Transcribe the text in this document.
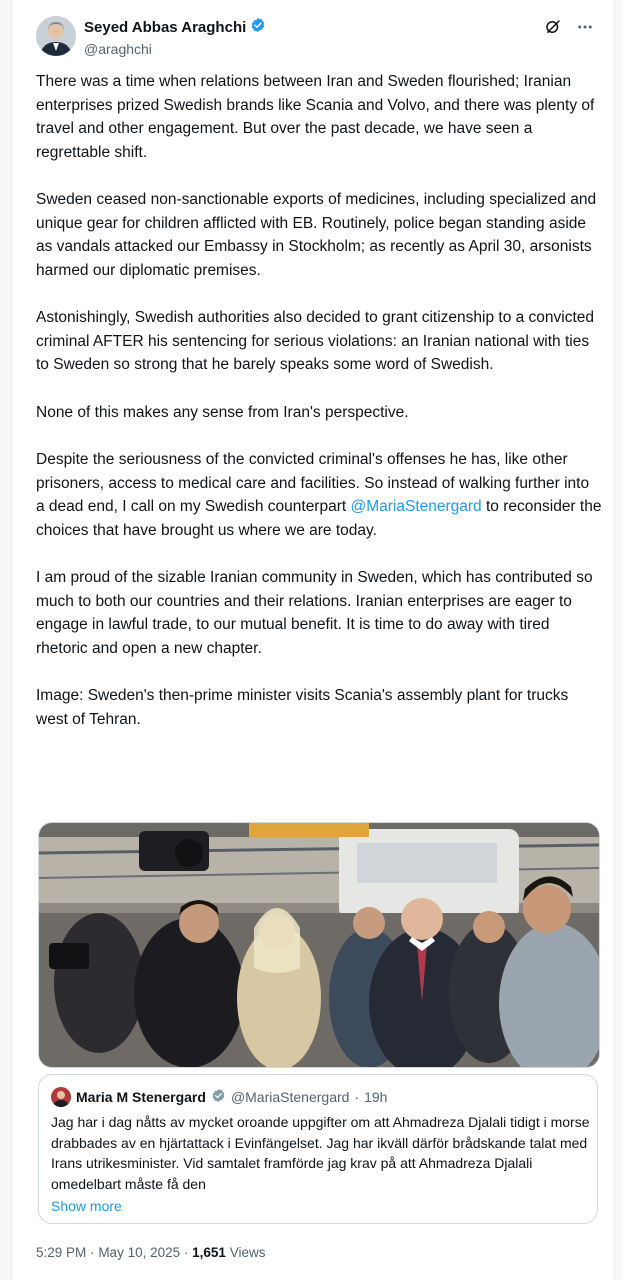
Seyed Abbas Araghchi
@araghchi

There was a time when relations between Iran and Sweden flourished; Iranian enterprises prized Swedish brands like Scania and Volvo, and there was plenty of travel and other engagement. But over the past decade, we have seen a regrettable shift.

Sweden ceased non-sanctionable exports of medicines, including specialized and unique gear for children afflicted with EB. Routinely, police began standing aside as vandals attacked our Embassy in Stockholm; as recently as April 30, arsonists harmed our diplomatic premises.

Astonishingly, Swedish authorities also decided to grant citizenship to a convicted criminal AFTER his sentencing for serious violations: an Iranian national with ties to Sweden so strong that he barely speaks some word of Swedish.

None of this makes any sense from Iran's perspective.

Despite the seriousness of the convicted criminal's offenses he has, like other prisoners, access to medical care and facilities. So instead of walking further into a dead end, I call on my Swedish counterpart @MariaStenergard to reconsider the choices that have brought us where we are today.

I am proud of the sizable Iranian community in Sweden, which has contributed so much to both our countries and their relations. Iranian enterprises are eager to engage in lawful trade, to our mutual benefit. It is time to do away with tired rhetoric and open a new chapter.

Image: Sweden's then-prime minister visits Scania's assembly plant for trucks west of Tehran.

Maria M Stenergard @MariaStenergard · 19h
Jag har i dag nåtts av mycket oroande uppgifter om att Ahmadreza Djalali tidigt i morse drabbades av en hjärtattack i Evinfängelset. Jag har ikväll därför brådskande talat med Irans utrikesminister. Vid samtalet framförde jag krav på att Ahmadreza Djalali omedelbart måste få den
Show more
5:29 PM · May 10, 2025 · 1,651 Views
